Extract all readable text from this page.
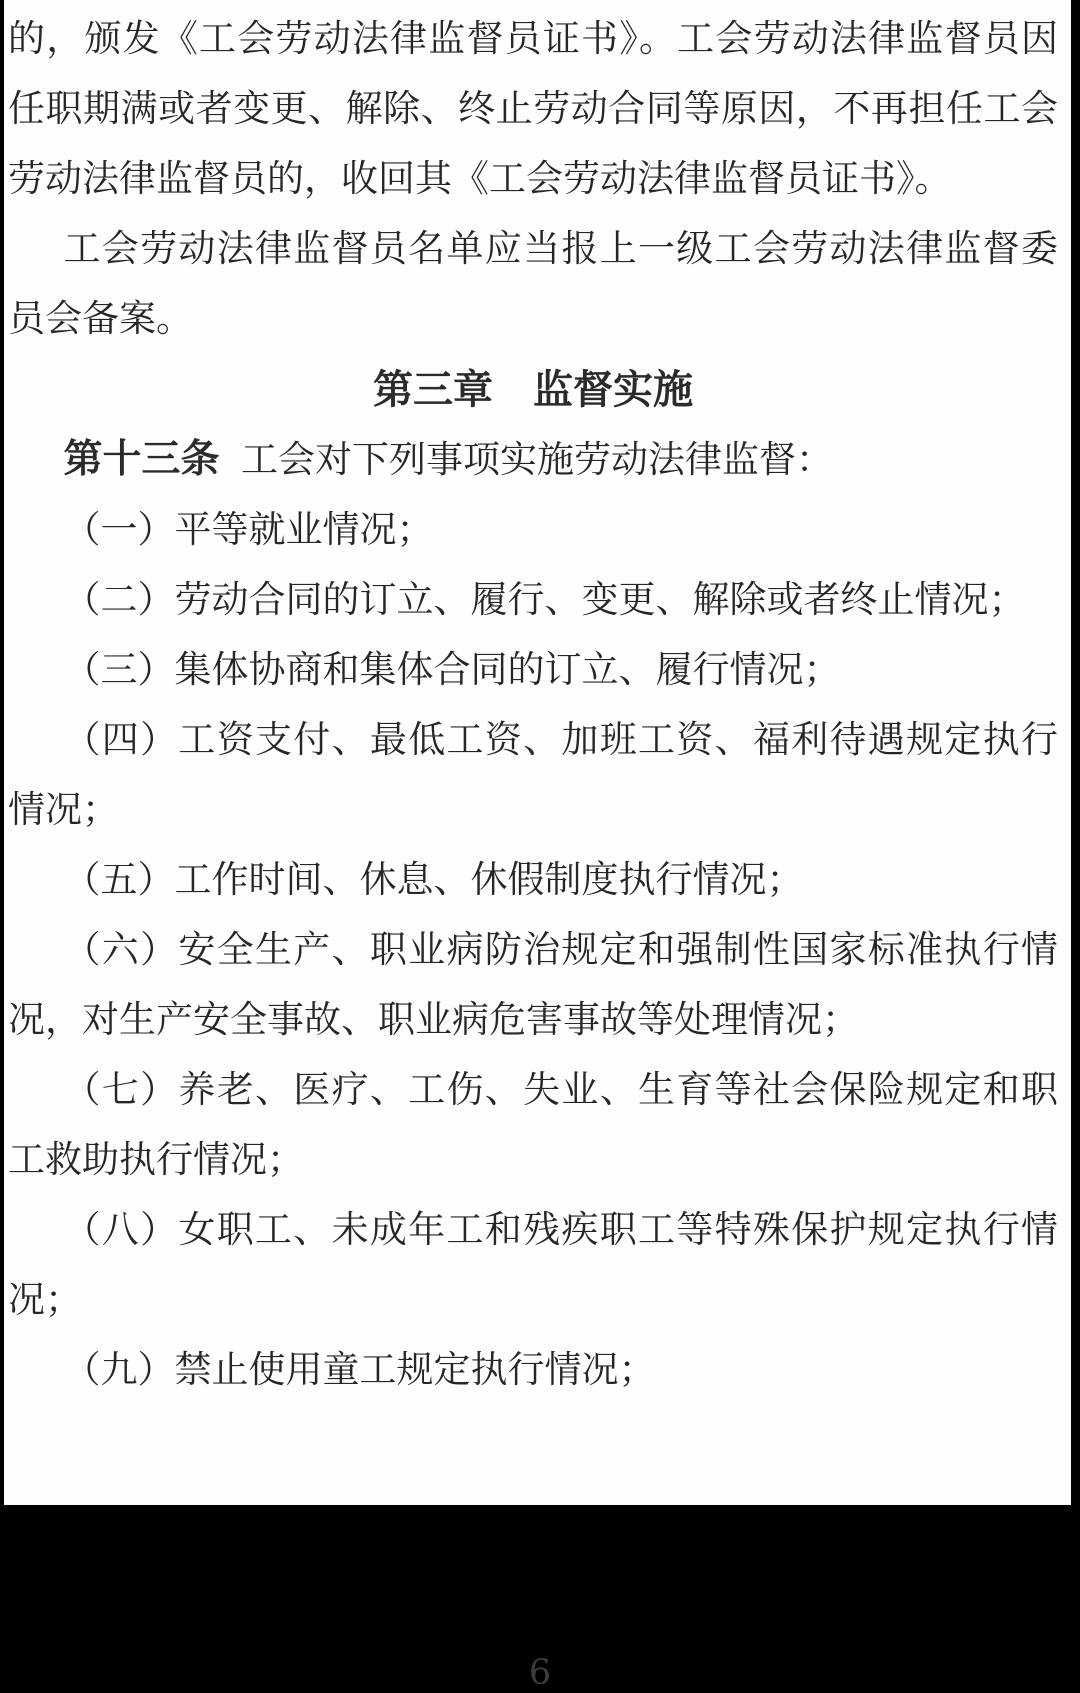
的，颁发《工会劳动法律监督员证书》。工会劳动法律监督员因任职期满或者变更、解除、终止劳动合同等原因，不再担任工会劳动法律监督员的，收回其《工会劳动法律监督员证书》。

工会劳动法律监督员名单应当报上一级工会劳动法律监督委员会备案。

第三章　监督实施

第十三条 工会对下列事项实施劳动法律监督：

（一）平等就业情况；

（二）劳动合同的订立、履行、变更、解除或者终止情况；

（三）集体协商和集体合同的订立、履行情况；

（四）工资支付、最低工资、加班工资、福利待遇规定执行情况；

（五）工作时间、休息、休假制度执行情况；

（六）安全生产、职业病防治规定和强制性国家标准执行情况，对生产安全事故、职业病危害事故等处理情况；

（七）养老、医疗、工伤、失业、生育等社会保险规定和职工救助执行情况；

（八）女职工、未成年工和残疾职工等特殊保护规定执行情况；

（九）禁止使用童工规定执行情况；

6
